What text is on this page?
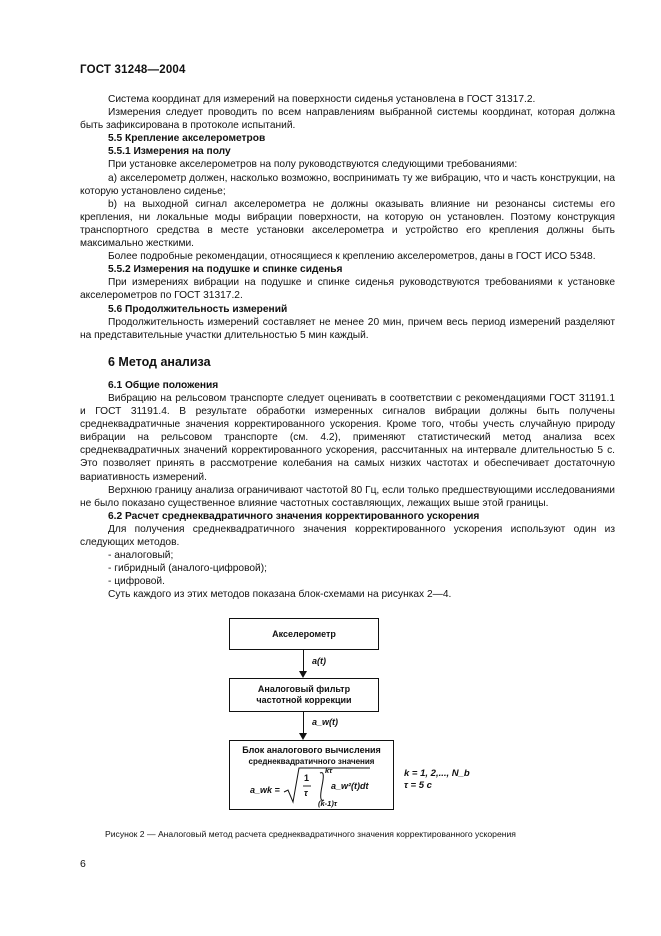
ГОСТ 31248—2004

Система координат для измерений на поверхности сиденья установлена в ГОСТ 31317.2.

Измерения следует проводить по всем направлениям выбранной системы координат, которая должна быть зафиксирована в протоколе испытаний.

5.5 Крепление акселерометров

5.5.1 Измерения на полу

При установке акселерометров на полу руководствуются следующими требованиями:

а) акселерометр должен, насколько возможно, воспринимать ту же вибрацию, что и часть конструкции, на которую установлено сиденье;

b) на выходной сигнал акселерометра не должны оказывать влияние ни резонансы системы его крепления, ни локальные моды вибрации поверхности, на которую он установлен. Поэтому конструкция транспортного средства в месте установки акселерометра и устройство его крепления должны быть максимально жесткими.

Более подробные рекомендации, относящиеся к креплению акселерометров, даны в ГОСТ ИСО 5348.

5.5.2 Измерения на подушке и спинке сиденья

При измерениях вибрации на подушке и спинке сиденья руководствуются требованиями к установке акселерометров по ГОСТ 31317.2.

5.6 Продолжительность измерений

Продолжительность измерений составляет не менее 20 мин, причем весь период измерений разделяют на представительные участки длительностью 5 мин каждый.

6 Метод анализа

6.1 Общие положения

Вибрацию на рельсовом транспорте следует оценивать в соответствии с рекомендациями ГОСТ 31191.1 и ГОСТ 31191.4. В результате обработки измеренных сигналов вибрации должны быть получены среднеквадратичные значения корректированного ускорения. Кроме того, чтобы учесть случайную природу вибрации на рельсовом транспорте (см. 4.2), применяют статистический метод анализа всех среднеквадратичных значений корректированного ускорения, рассчитанных на интервале длительностью 5 с. Это позволяет принять в рассмотрение колебания на самых низких частотах и обеспечивает достаточную вариативность измерений.

Верхнюю границу анализа ограничивают частотой 80 Гц, если только предшествующими исследованиями не было показано существенное влияние частотных составляющих, лежащих выше этой границы.

6.2 Расчет среднеквадратичного значения корректированного ускорения

Для получения среднеквадратичного значения корректированного ускорения используют один из следующих методов.

- аналоговый;

- гибридный (аналого-цифровой);

- цифровой.

Суть каждого из этих методов показана блок-схемами на рисунках 2—4.

Акселерометр
a(t)
Аналоговый фильтр
частотной коррекции
a_w(t)
Блок аналогового вычисления
среднеквадратичного значения
a_wk =
1
τ
kτ
(k-1)τ
a_w²(t)dt
k = 1, 2,..., N_b
τ = 5 с
Рисунок 2 — Аналоговый метод расчета среднеквадратичного значения корректированного ускорения
6
